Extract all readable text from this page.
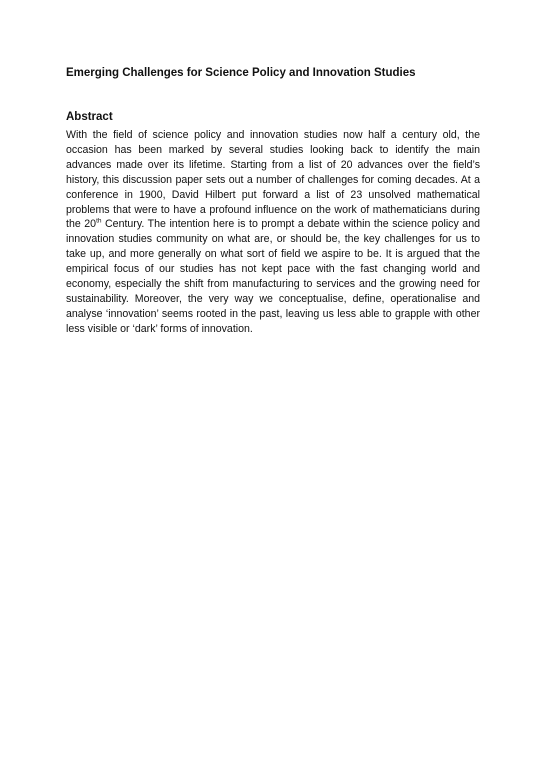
Emerging Challenges for Science Policy and Innovation Studies
Abstract

With the field of science policy and innovation studies now half a century old, the occasion has been marked by several studies looking back to identify the main advances made over its lifetime. Starting from a list of 20 advances over the field’s history, this discussion paper sets out a number of challenges for coming decades. At a conference in 1900, David Hilbert put forward a list of 23 unsolved mathematical problems that were to have a profound influence on the work of mathematicians during the 20th Century. The intention here is to prompt a debate within the science policy and innovation studies community on what are, or should be, the key challenges for us to take up, and more generally on what sort of field we aspire to be. It is argued that the empirical focus of our studies has not kept pace with the fast changing world and economy, especially the shift from manufacturing to services and the growing need for sustainability. Moreover, the very way we conceptualise, define, operationalise and analyse ‘innovation’ seems rooted in the past, leaving us less able to grapple with other less visible or ‘dark’ forms of innovation.
